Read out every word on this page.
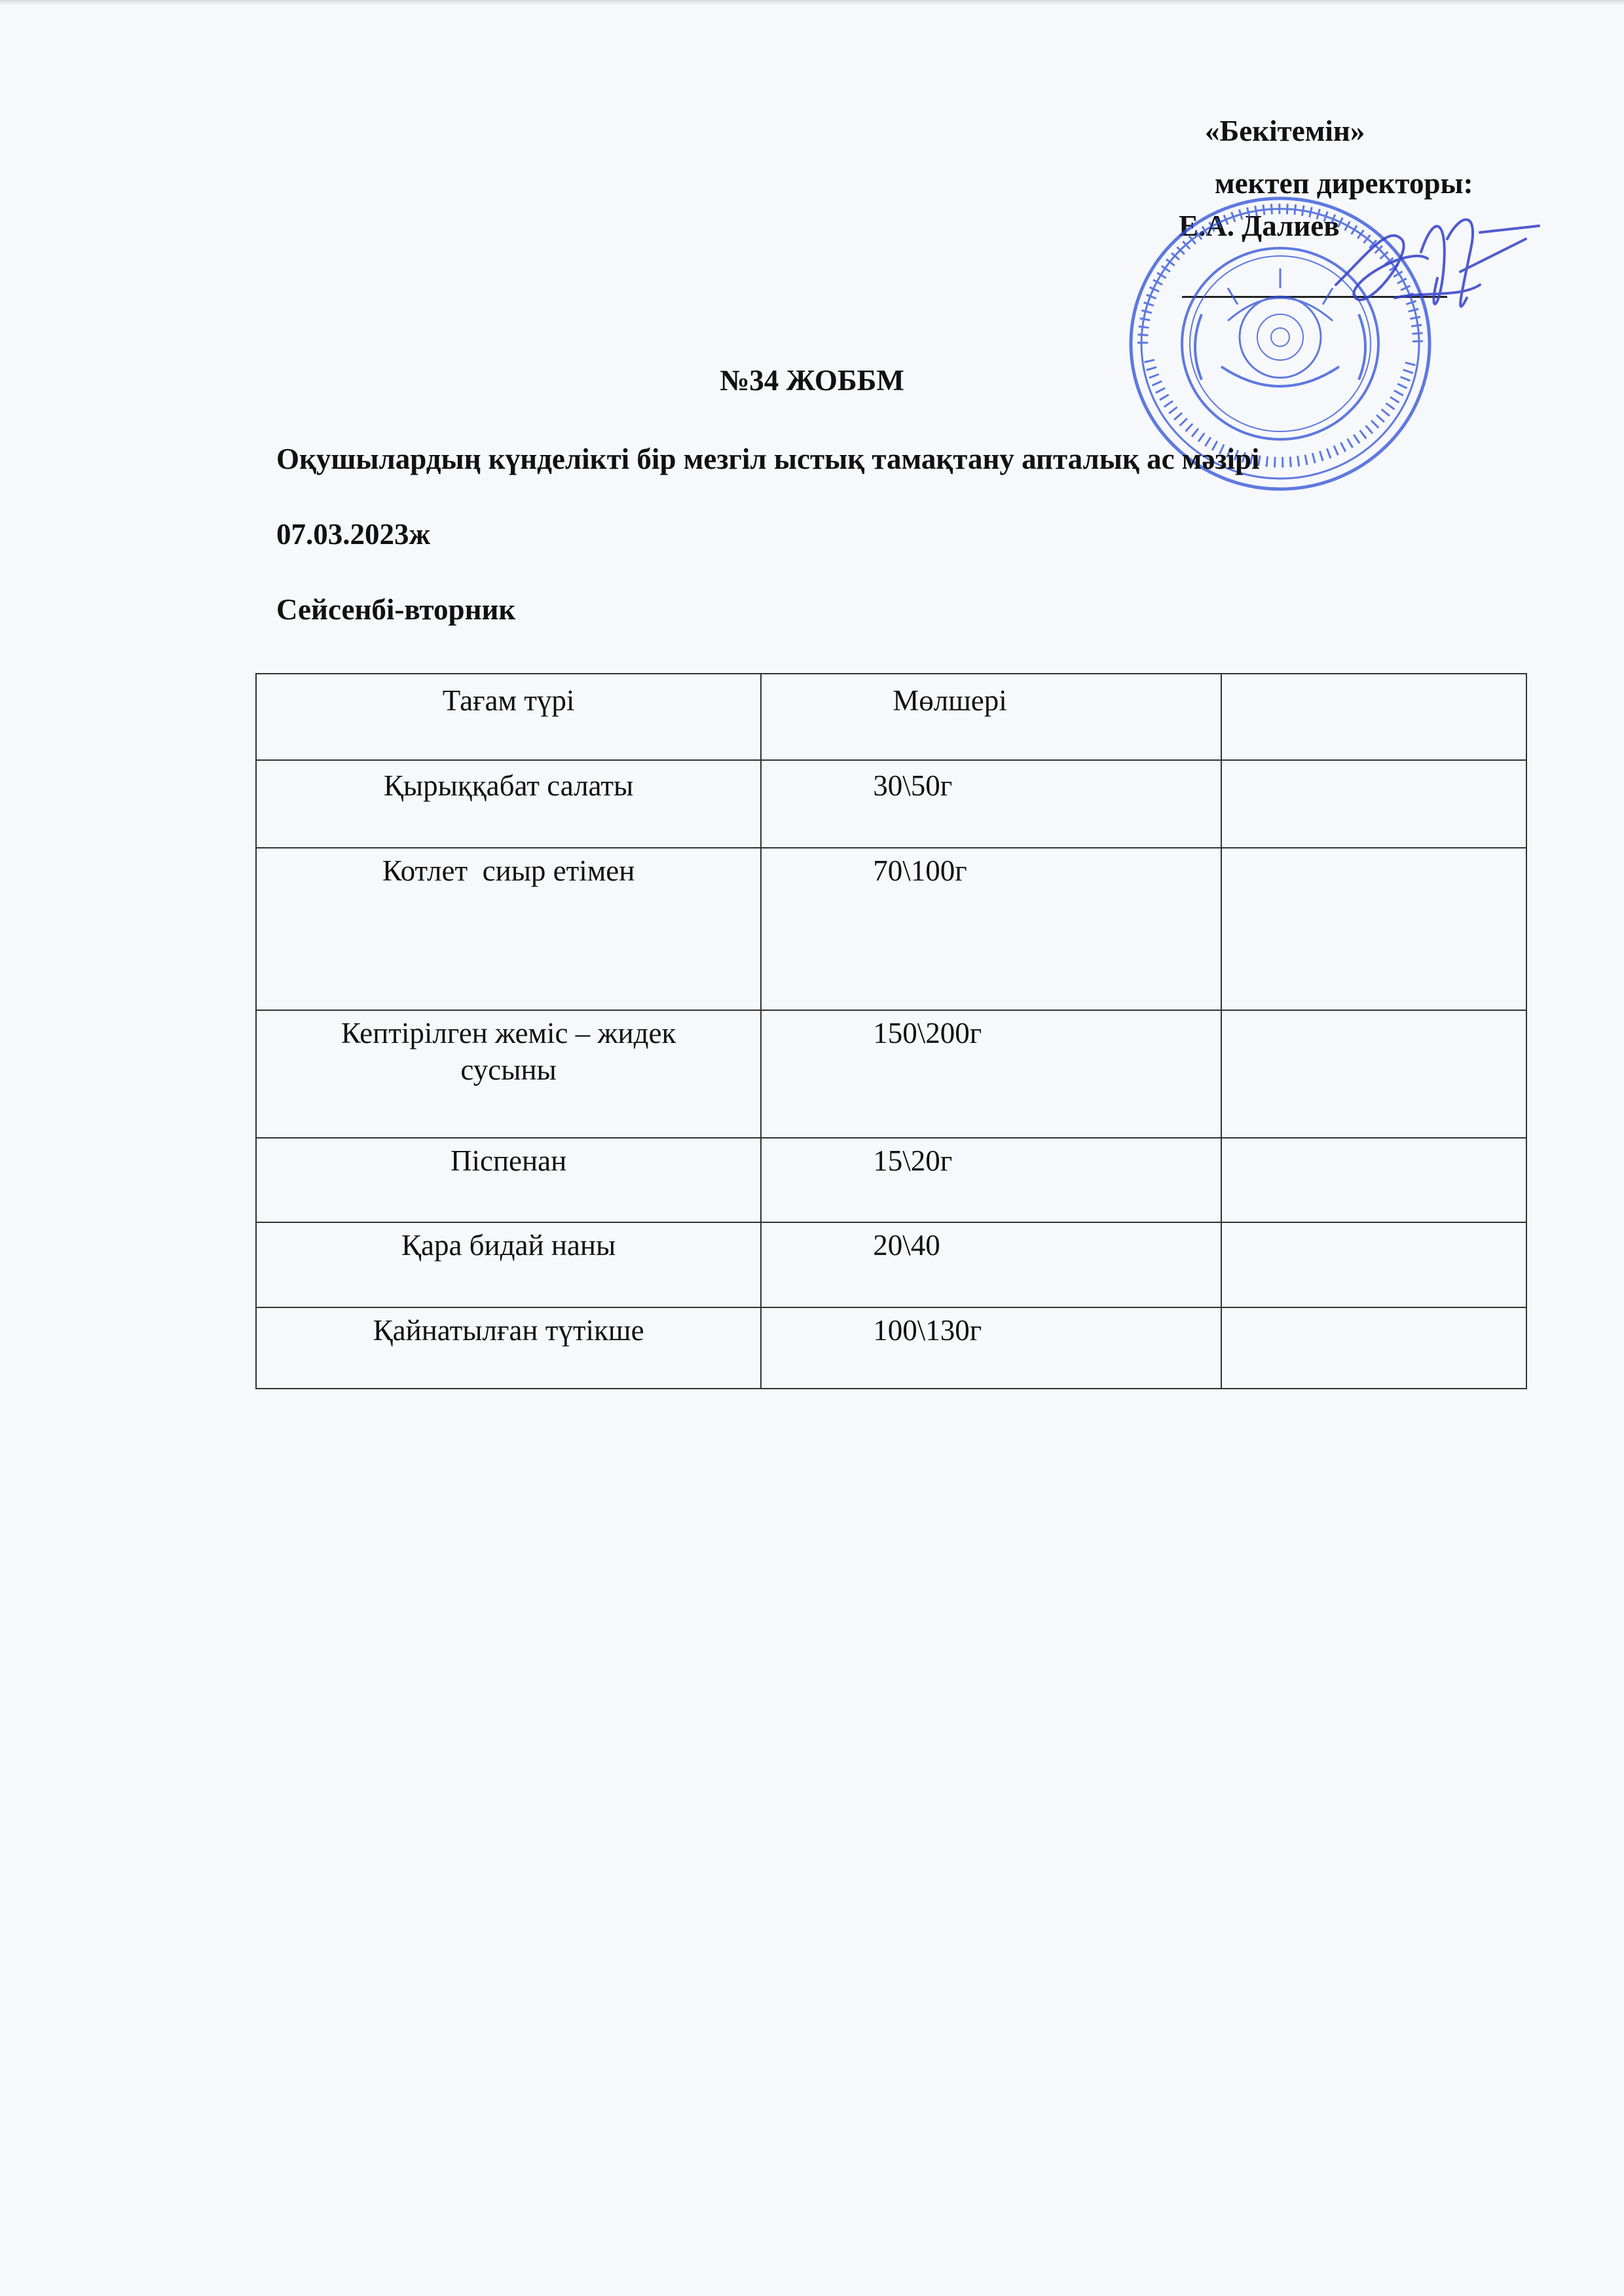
«Бекітемін»
мектеп директоры:
Е.А. Далиев
№34 ЖОББМ
Оқушылардың күнделікті бір мезгіл ыстық тамақтану апталық ас мәзірі
07.03.2023ж
Сейсенбі-вторник
Тағам түрі	Мөлшері	
Қырыққабат салаты	30\50г	
Котлет  сиыр етімен	70\100г	
Кептірілген жеміс – жидек сусыны	150\200г	
Піспенан	15\20г	
Қара бидай наны	20\40	
Қайнатылған түтікше	100\130г	
